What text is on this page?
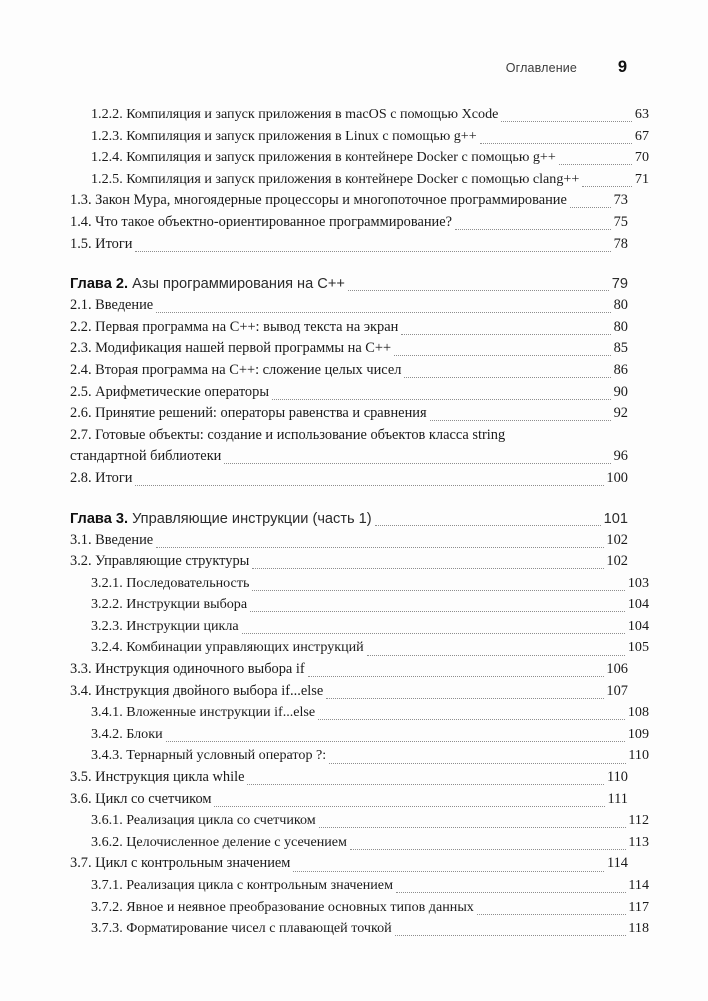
Оглавление 9
1.2.2. Компиляция и запуск приложения в macOS с помощью Xcode	63
1.2.3. Компиляция и запуск приложения в Linux с помощью g++	67
1.2.4. Компиляция и запуск приложения в контейнере Docker с помощью g++	70
1.2.5. Компиляция и запуск приложения в контейнере Docker с помощью clang++	71
1.3. Закон Мура, многоядерные процессоры и многопоточное программирование	73
1.4. Что такое объектно-ориентированное программирование?	75
1.5. Итоги	78
Глава 2. Азы программирования на C++	79
2.1. Введение	80
2.2. Первая программа на C++: вывод текста на экран	80
2.3. Модификация нашей первой программы на C++	85
2.4. Вторая программа на C++: сложение целых чисел	86
2.5. Арифметические операторы	90
2.6. Принятие решений: операторы равенства и сравнения	92
2.7. Готовые объекты: создание и использование объектов класса string
стандартной библиотеки	96
2.8. Итоги	100
Глава 3. Управляющие инструкции (часть 1)	101
3.1. Введение	102
3.2. Управляющие структуры	102
3.2.1. Последовательность	103
3.2.2. Инструкции выбора	104
3.2.3. Инструкции цикла	104
3.2.4. Комбинации управляющих инструкций	105
3.3. Инструкция одиночного выбора if	106
3.4. Инструкция двойного выбора if...else	107
3.4.1. Вложенные инструкции if...else	108
3.4.2. Блоки	109
3.4.3. Тернарный условный оператор ?:	110
3.5. Инструкция цикла while	110
3.6. Цикл со счетчиком	111
3.6.1. Реализация цикла со счетчиком	112
3.6.2. Целочисленное деление с усечением	113
3.7. Цикл с контрольным значением	114
3.7.1. Реализация цикла с контрольным значением	114
3.7.2. Явное и неявное преобразование основных типов данных	117
3.7.3. Форматирование чисел с плавающей точкой	118
